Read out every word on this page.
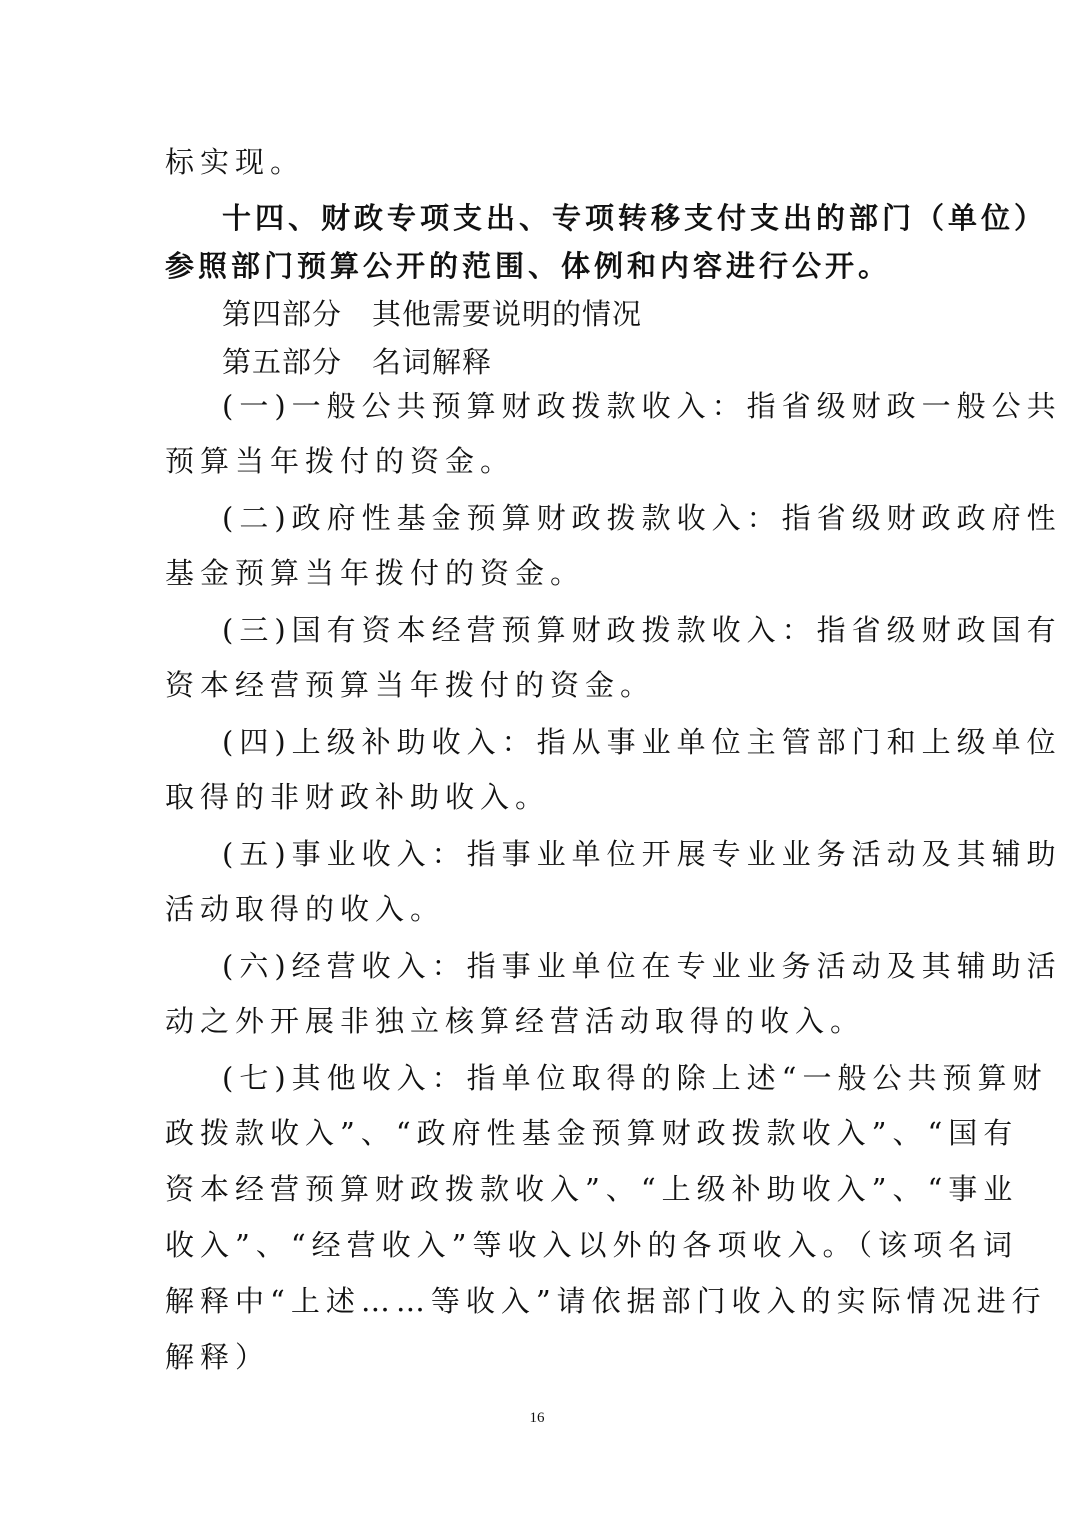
标实现。
十四、财政专项支出、专项转移支付支出的部门（单位）
参照部门预算公开的范围、体例和内容进行公开。
第四部分 其他需要说明的情况
第五部分 名词解释
(一)一般公共预算财政拨款收入：指省级财政一般公共
预算当年拨付的资金。
(二)政府性基金预算财政拨款收入：指省级财政政府性
基金预算当年拨付的资金。
(三)国有资本经营预算财政拨款收入：指省级财政国有
资本经营预算当年拨付的资金。
(四)上级补助收入：指从事业单位主管部门和上级单位
取得的非财政补助收入。
(五)事业收入：指事业单位开展专业业务活动及其辅助
活动取得的收入。
(六)经营收入：指事业单位在专业业务活动及其辅助活
动之外开展非独立核算经营活动取得的收入。
(七)其他收入：指单位取得的除上述“一般公共预算财
政拨款收入”、“政府性基金预算财政拨款收入”、“国有
资本经营预算财政拨款收入”、“上级补助收入”、“事业
收入”、“经营收入”等收入以外的各项收入。（该项名词
解释中“上述……等收入”请依据部门收入的实际情况进行
解释）
16
